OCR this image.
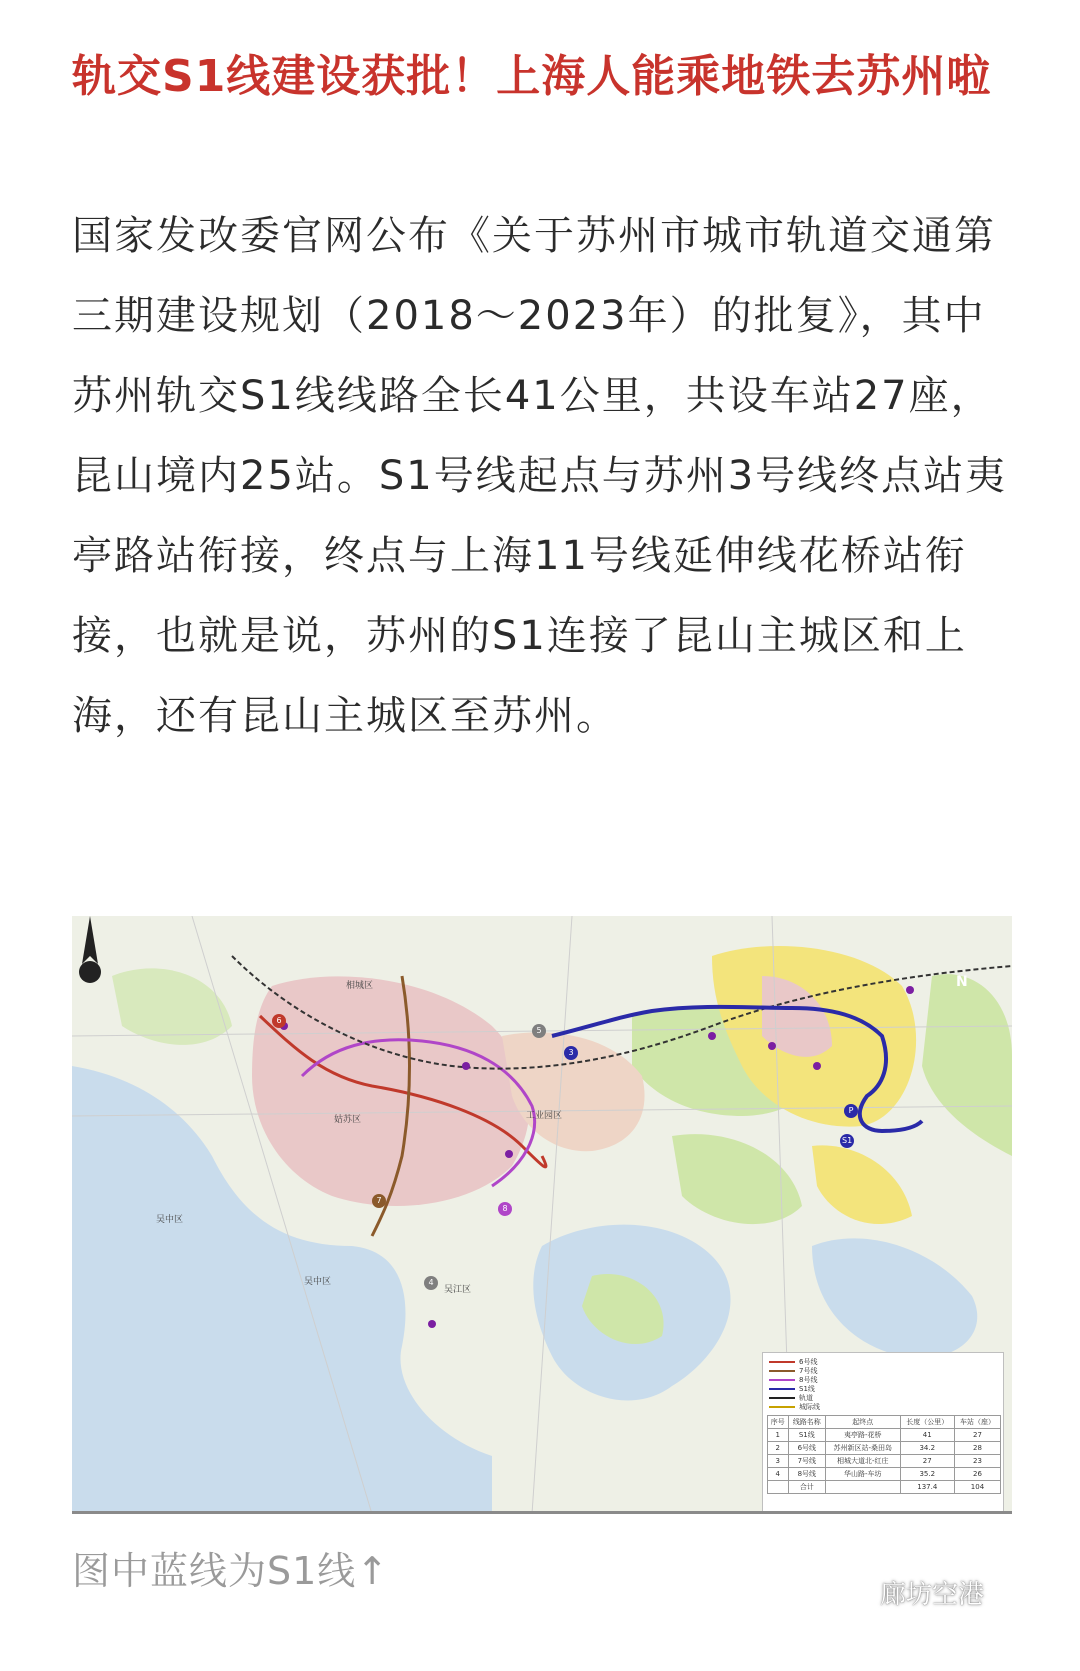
轨交S1线建设获批！上海人能乘地铁去苏州啦
国家发改委官网公布《关于苏州市城市轨道交通第三期建设规划（2018～2023年）的批复》，其中苏州轨交S1线线路全长41公里，共设车站27座，昆山境内25站。S1号线起点与苏州3号线终点站夷亭路站衔接，终点与上海11号线延伸线花桥站衔接，也就是说，苏州的S1连接了昆山主城区和上海，还有昆山主城区至苏州。
相城区
姑苏区	工业园区
吴中区
吴江区
吴中区
3
6
7
8
5
4
S1
P
N
6号线
7号线
8号线
S1线
轨道
城际线
序号	线路名称	起终点	长度（公里）	车站（座）
1	S1线	夷亭路-花桥	41	27
2	6号线	苏州新区站-桑田岛	34.2	28
3	7号线	相城大道北-红庄	27	23
4	8号线	华山路-车坊	35.2	26
	合计		137.4	104
图中蓝线为S1线↑
廊坊空港
